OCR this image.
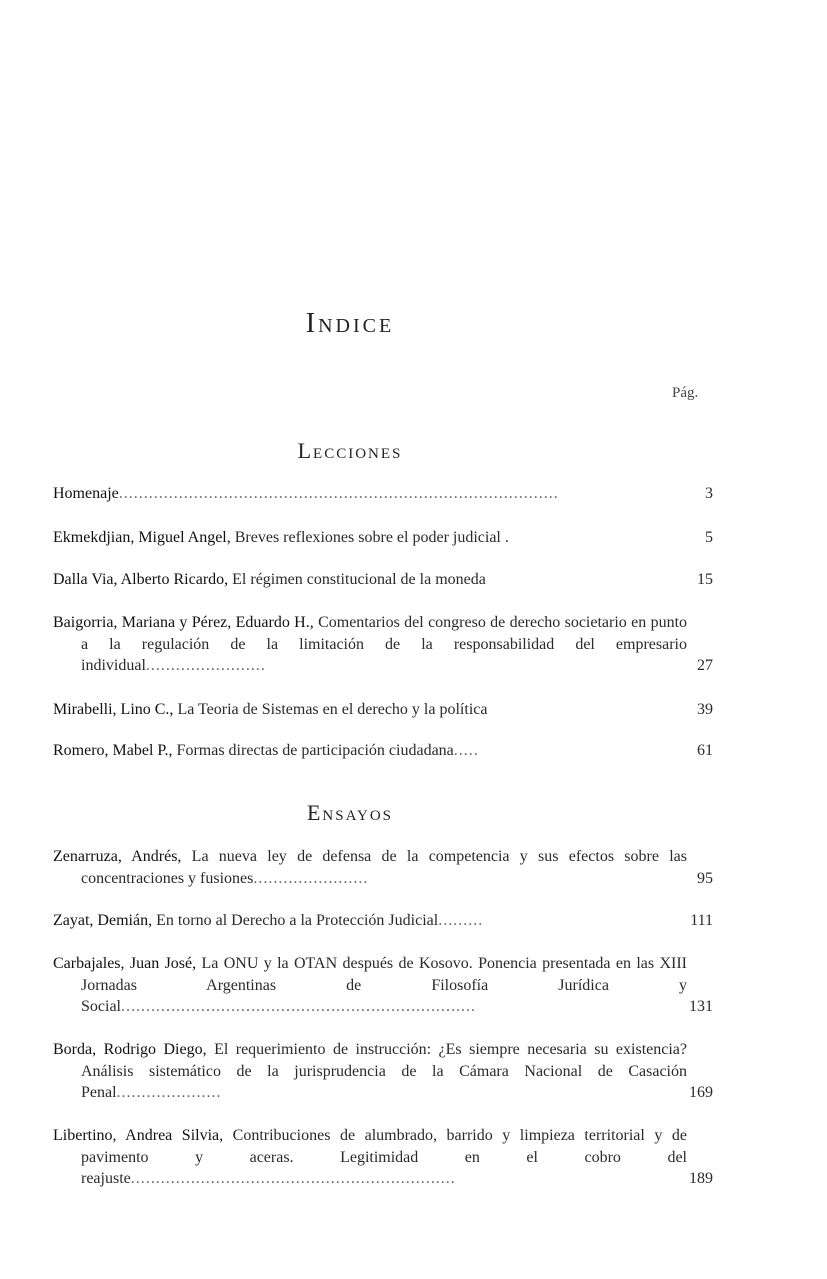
Indice
Pág.
Lecciones
Homenaje........................................................................................	3
Ekmekdjian, Miguel Angel, Breves reflexiones sobre el poder judicial .	5
Dalla Via, Alberto Ricardo, El régimen constitucional de la moneda	15
Baigorria, Mariana y Pérez, Eduardo H., Comentarios del congreso de derecho societario en punto a la regulación de la limitación de la responsabilidad del empresario individual........................	27
Mirabelli, Lino C., La Teoria de Sistemas en el derecho y la política	39
Romero, Mabel P., Formas directas de participación ciudadana.....	61
Ensayos
Zenarruza, Andrés, La nueva ley de defensa de la competencia y sus efectos sobre las concentraciones y fusiones.......................	95
Zayat, Demián, En torno al Derecho a la Protección Judicial.........	111
Carbajales, Juan José, La ONU y la OTAN después de Kosovo. Ponencia presentada en las XIII Jornadas Argentinas de Filosofía Jurídica y Social.......................................................................	131
Borda, Rodrigo Diego, El requerimiento de instrucción: ¿Es siempre necesaria su existencia? Análisis sistemático de la jurisprudencia de la Cámara Nacional de Casación Penal.....................	169
Libertino, Andrea Silvia, Contribuciones de alumbrado, barrido y limpieza territorial y de pavimento y aceras. Legitimidad en el cobro del reajuste.................................................................	189
